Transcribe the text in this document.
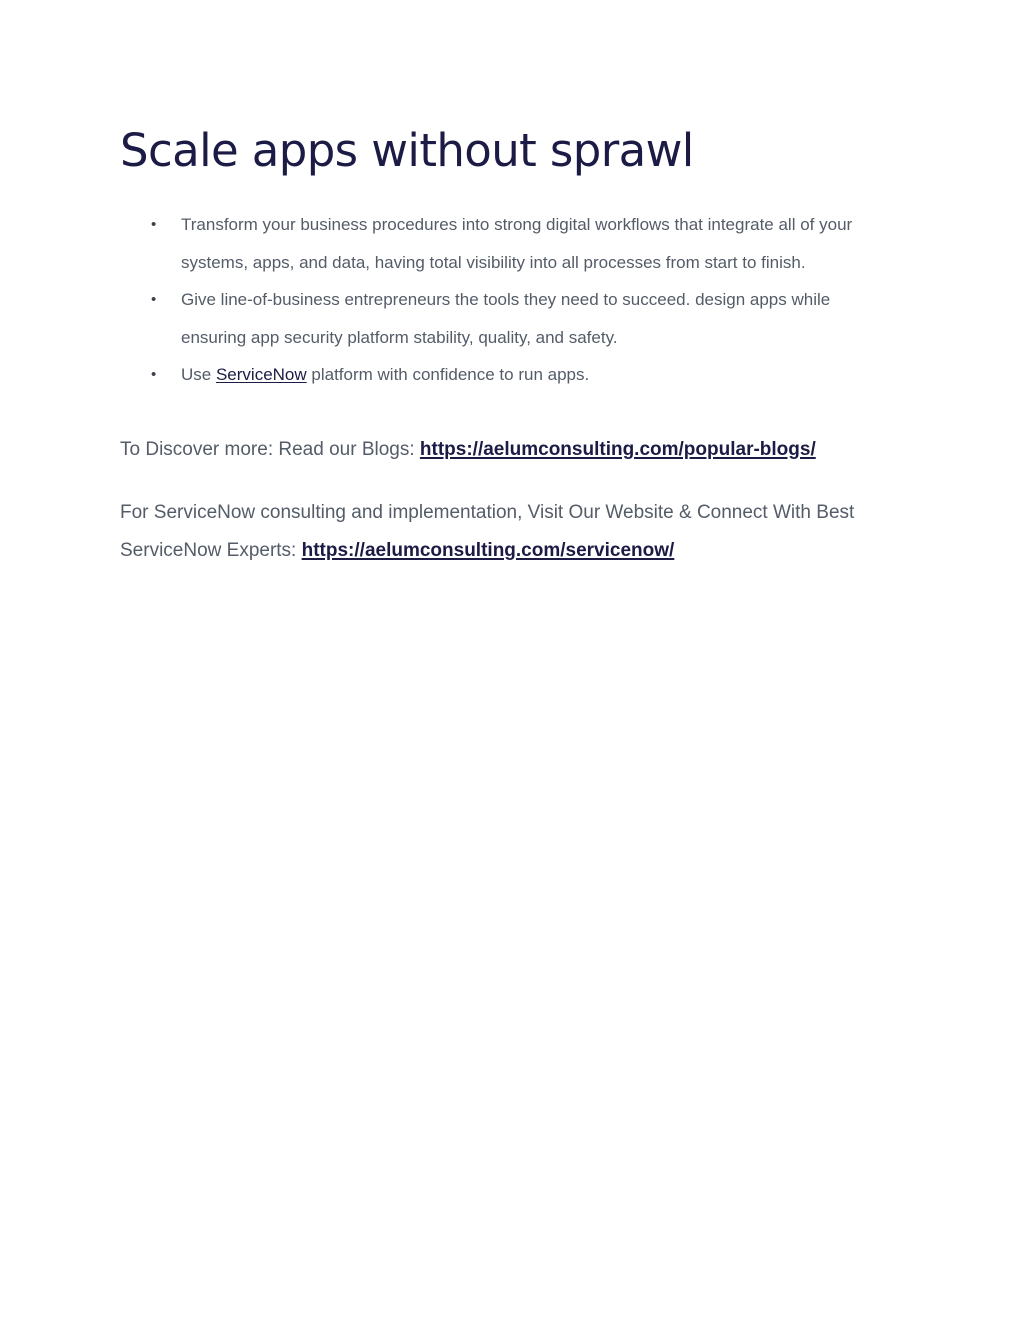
Scale apps without sprawl
• Transform your business procedures into strong digital workflows that integrate all of your systems, apps, and data, having total visibility into all processes from start to finish.
• Give line-of-business entrepreneurs the tools they need to succeed. design apps while ensuring app security platform stability, quality, and safety.
• Use ServiceNow platform with confidence to run apps.

To Discover more: Read our Blogs: https://aelumconsulting.com/popular-blogs/

For ServiceNow consulting and implementation, Visit Our Website & Connect With Best ServiceNow Experts: https://aelumconsulting.com/servicenow/
